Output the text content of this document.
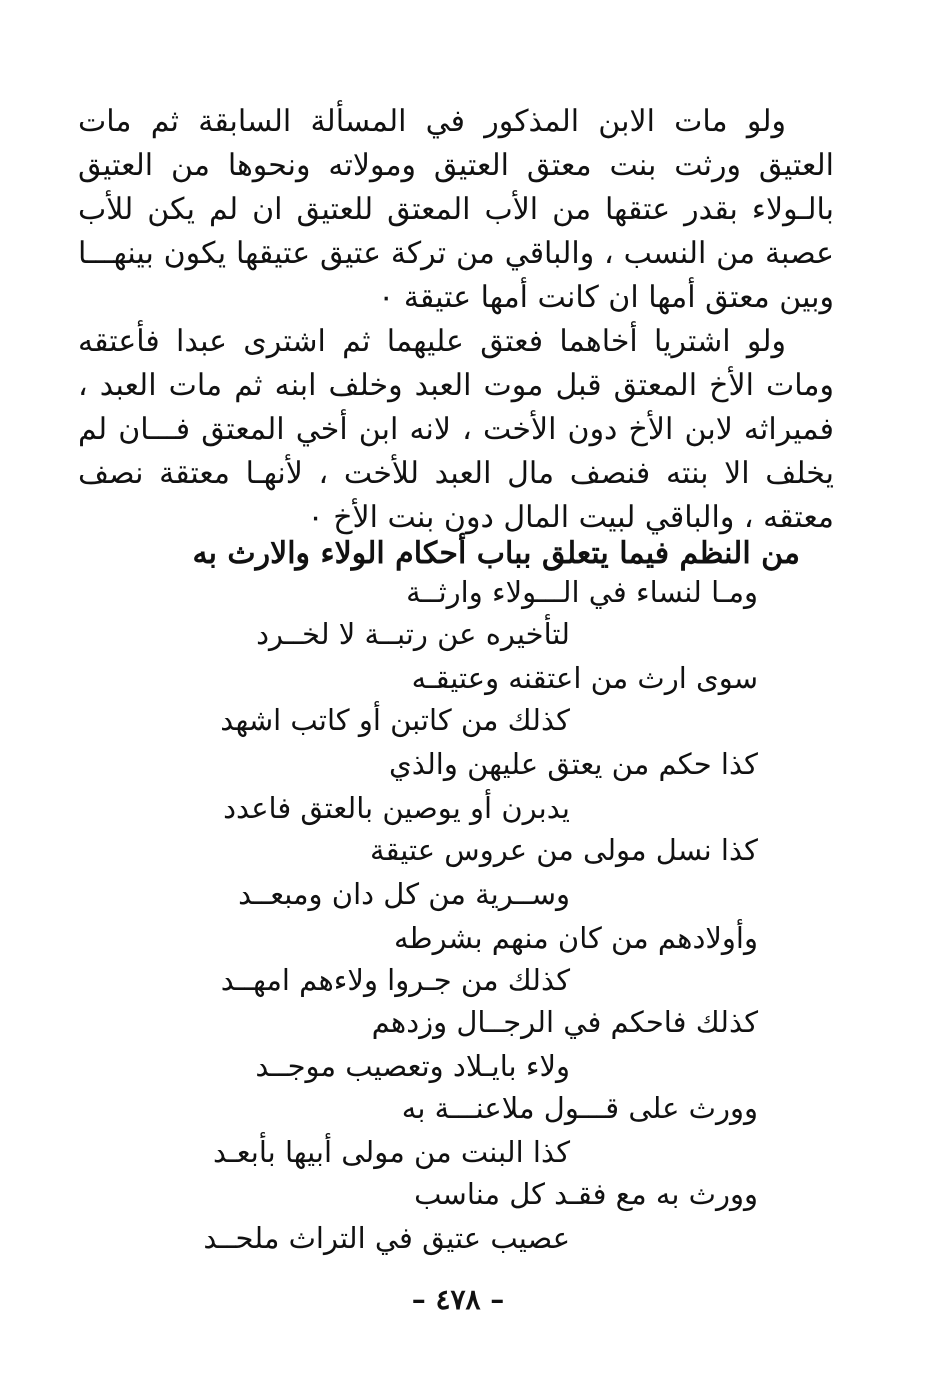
ولو مات الابن المذكور في المسألة السابقة ثم مات العتيق ورثت بنت معتق العتيق ومولاته ونحوها من العتيق بالـولاء بقدر عتقها من الأب المعتق للعتيق ان لم يكن للأب عصبة من النسب ، والباقي من تركة عتيق عتيقها يكون بينهـــا وبين معتق أمها ان كانت أمها عتيقة ٠

ولو اشتريا أخاهما فعتق عليهما ثم اشترى عبدا فأعتقه ومات الأخ المعتق قبل موت العبد وخلف ابنه ثم مات العبد ، فميراثه لابن الأخ دون الأخت ، لانه ابن أخي المعتق فـــان لم يخلف الا بنته فنصف مال العبد للأخت ، لأنهـا معتقة نصف معتقه ، والباقي لبيت المال دون بنت الأخ ٠

من النظم فيما يتعلق بباب أحكام الولاء والارث به

ومـا لنساء في الـــولاء وارثــة

لتأخيره عن رتبــة لا لخــرد

سوى ارث من اعتقنه وعتيقـه

كذلك من كاتبن أو كاتب اشهد

كذا حكم من يعتق عليهن والذي

يدبرن أو يوصين بالعتق فاعدد

كذا نسل مولى من عروس عتيقة

وســرية من كل دان ومبعــد

وأولادهم من كان منهم بشرطه

كذلك من جـروا ولاءهم امهــد

كذلك فاحكم في الرجــال وزدهم

ولاء بايـلاد وتعصيب موجــد

وورث على قـــول ملاعنـــة به

كذا البنت من مولى أبيها بأبعـد

وورث به مع فقـد كل مناسب

عصيب عتيق في التراث ملحــد

– ٤٧٨ –
